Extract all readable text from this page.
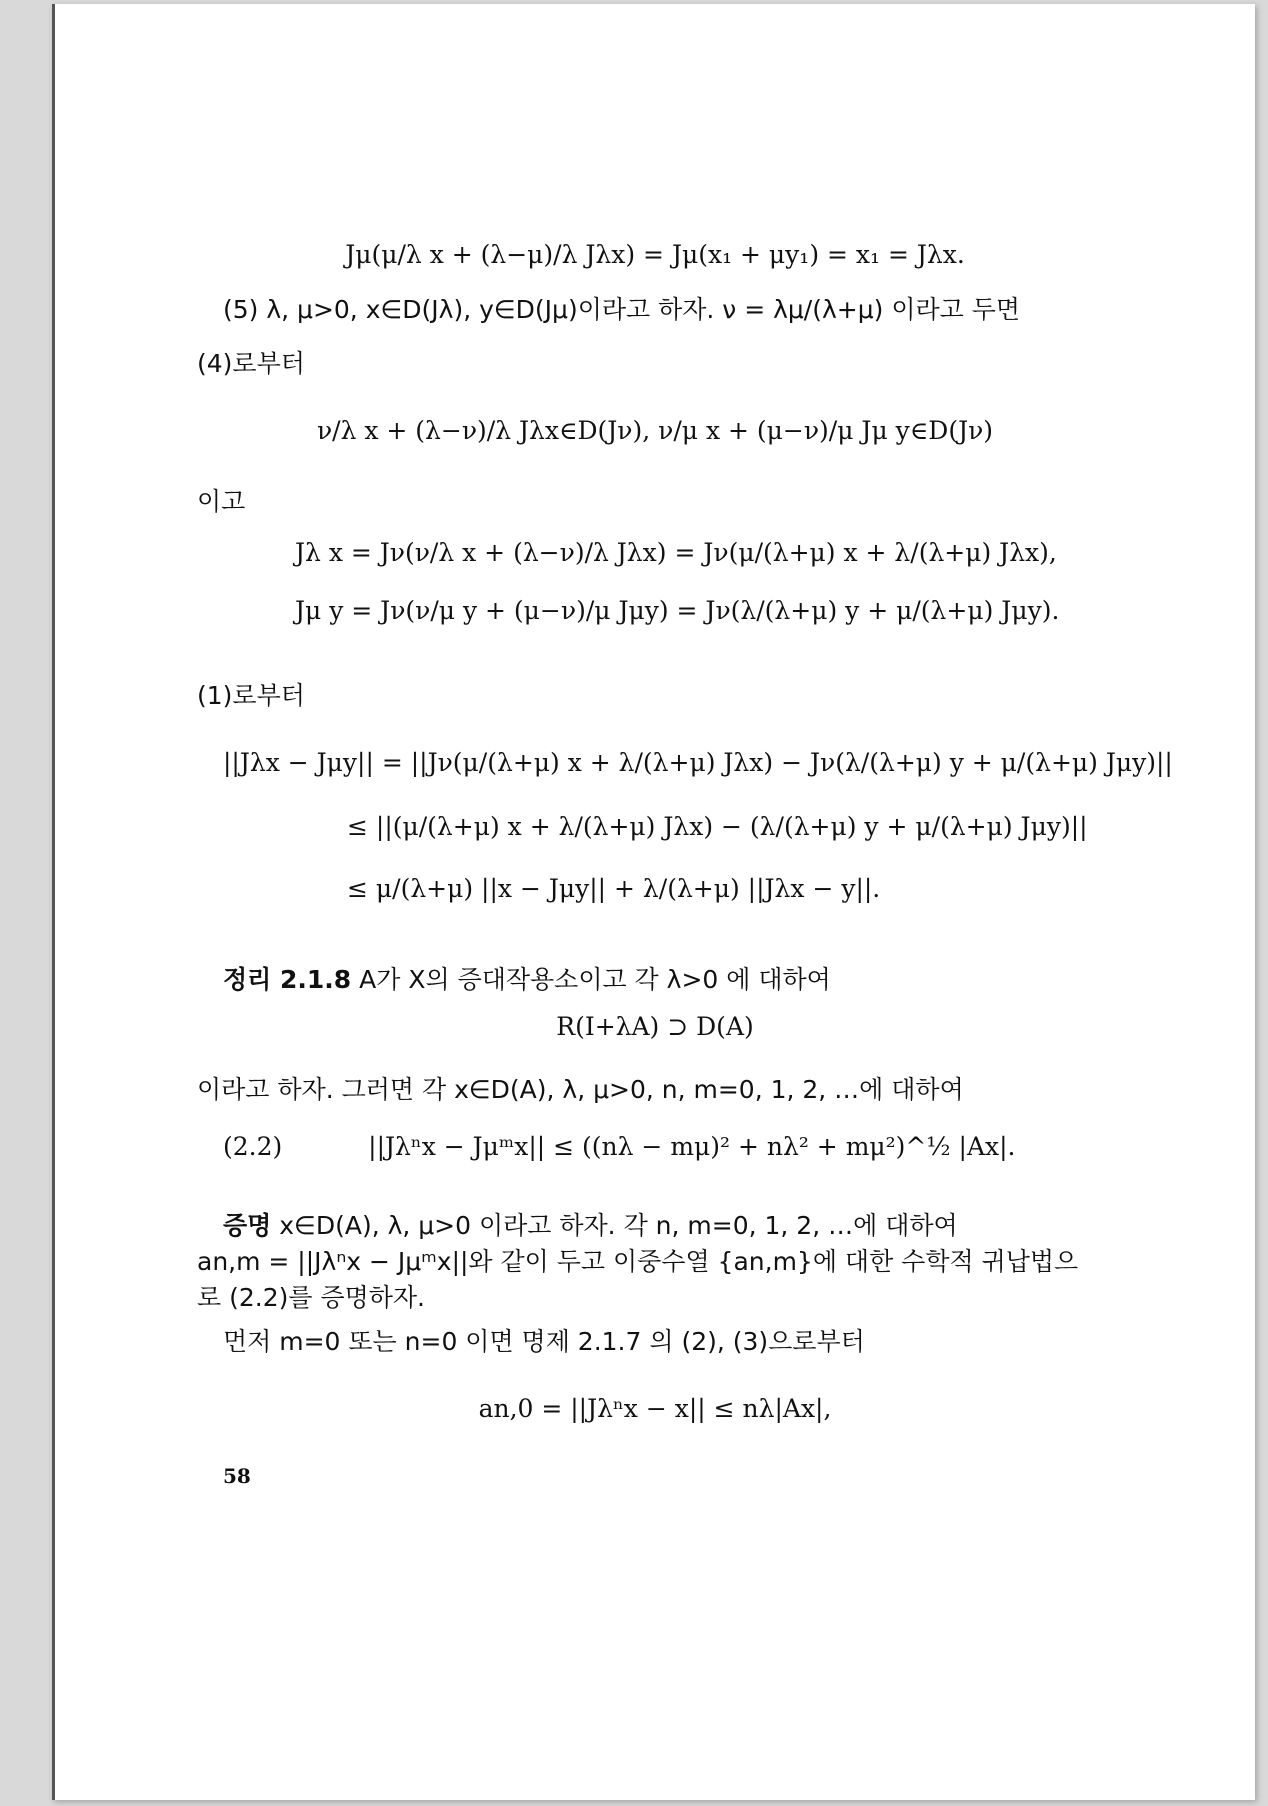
Jμ(μ/λ x + (λ−μ)/λ Jλx) = Jμ(x₁ + μy₁) = x₁ = Jλx.
(5) λ, μ>0, x∈D(Jλ), y∈D(Jμ)이라고 하자. ν = λμ/(λ+μ) 이라고 두면
(4)로부터
ν/λ x + (λ−ν)/λ Jλx∈D(Jν), ν/μ x + (μ−ν)/μ Jμ y∈D(Jν)
이고
Jλ x = Jν(ν/λ x + (λ−ν)/λ Jλx) = Jν(μ/(λ+μ) x + λ/(λ+μ) Jλx),
Jμ y = Jν(ν/μ y + (μ−ν)/μ Jμy) = Jν(λ/(λ+μ) y + μ/(λ+μ) Jμy).
(1)로부터
||Jλx − Jμy|| = ||Jν(μ/(λ+μ) x + λ/(λ+μ) Jλx) − Jν(λ/(λ+μ) y + μ/(λ+μ) Jμy)||
≤ ||(μ/(λ+μ) x + λ/(λ+μ) Jλx) − (λ/(λ+μ) y + μ/(λ+μ) Jμy)||
≤ μ/(λ+μ) ||x − Jμy|| + λ/(λ+μ) ||Jλx − y||.
정리 2.1.8 A가 X의 증대작용소이고 각 λ>0 에 대하여
R(I+λA) ⊃ D(A)
이라고 하자. 그러면 각 x∈D(A), λ, μ>0, n, m=0, 1, 2, …에 대하여
(2.2)	||Jλⁿx − Jμᵐx|| ≤ ((nλ − mμ)² + nλ² + mμ²)^½ |Ax|.
증명 x∈D(A), λ, μ>0 이라고 하자. 각 n, m=0, 1, 2, …에 대하여
an,m = ||Jλⁿx − Jμᵐx||와 같이 두고 이중수열 {an,m}에 대한 수학적 귀납법으
로 (2.2)를 증명하자.
먼저 m=0 또는 n=0 이면 명제 2.1.7 의 (2), (3)으로부터
an,0 = ||Jλⁿx − x|| ≤ nλ|Ax|,
58
